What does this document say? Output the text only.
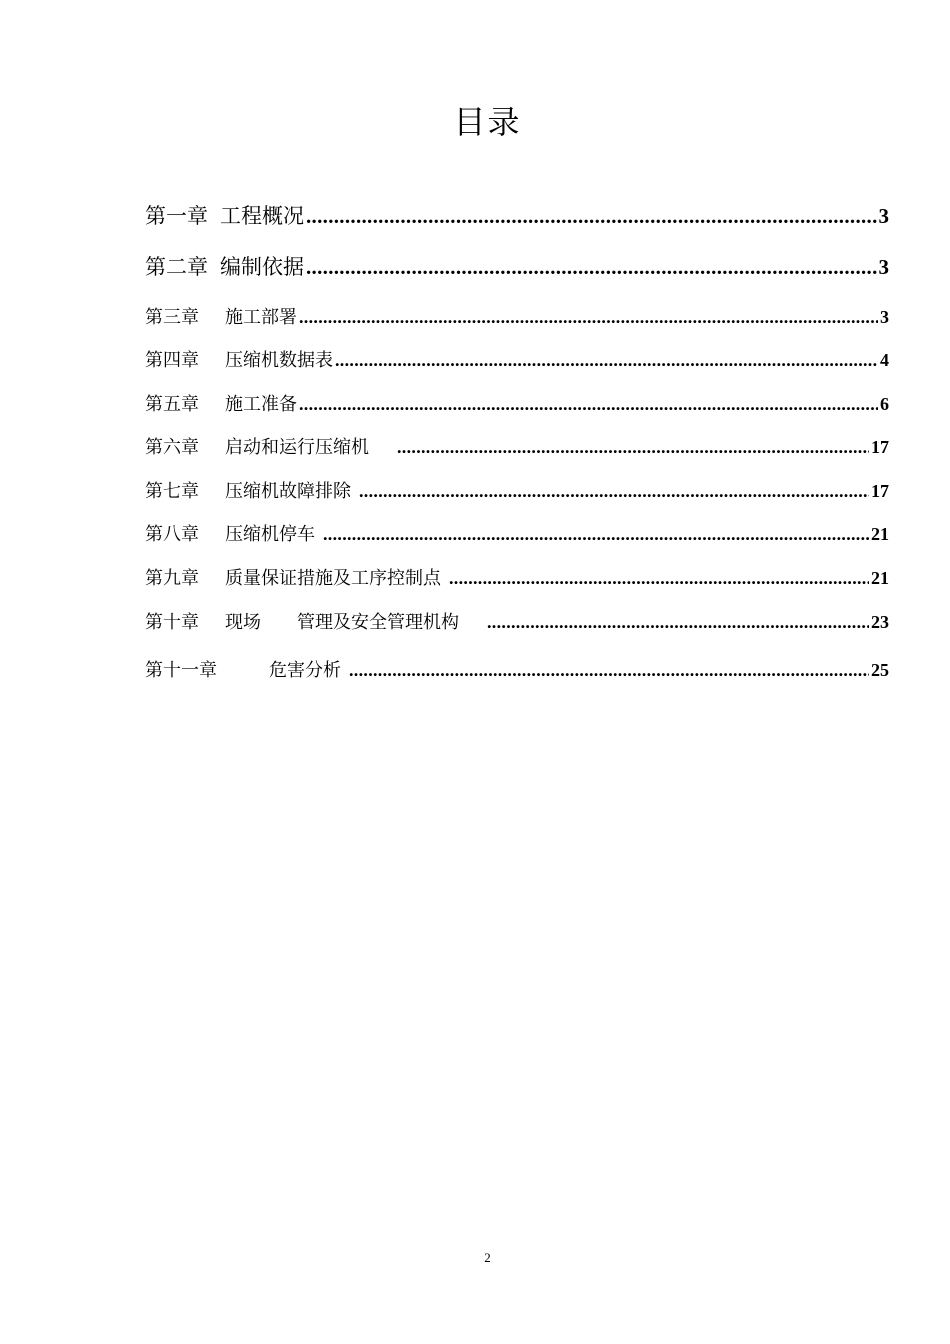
目录
第一章 工程概况 .....	3
第二章 编制依据 .....	3
第三章 施工部署 .....	3
第四章 压缩机数据表 .....	4
第五章 施工准备 .....	6
第六章 启动和运行压缩机 .....	17
第七章 压缩机故障排除 .....	17
第八章 压缩机停车 .....	21
第九章 质量保证措施及工序控制点 .....	21
第十章 现场　　管理及安全管理机构 .....	23
第十一章	危害分析 .....	25
2
